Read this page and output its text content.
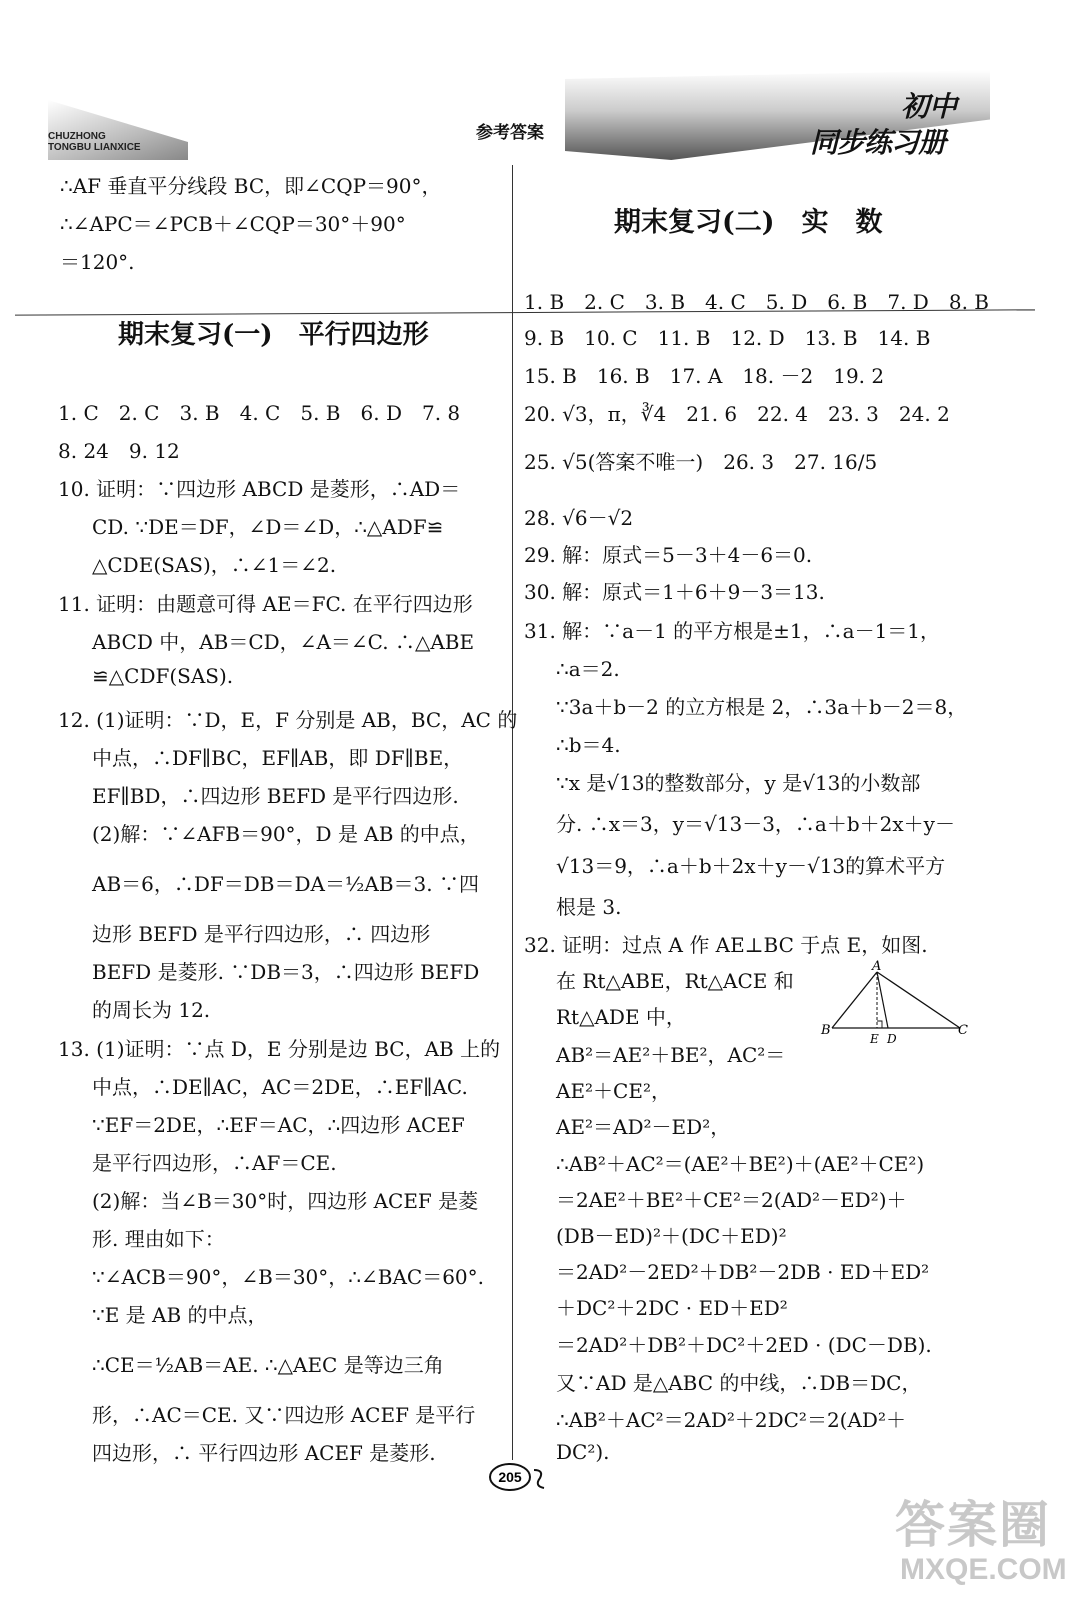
CHUZHONG
TONGBU LIANXICE
参考答案
初中
同步练习册
∴AF 垂直平分线段 BC，即∠CQP＝90°，
∴∠APC＝∠PCB＋∠CQP＝30°＋90°
＝120°.
期末复习(一)　平行四边形
1. C　2. C　3. B　4. C　5. B　6. D　7. 8
8. 24　9. 12
10. 证明：∵四边形 ABCD 是菱形，∴AD＝
CD. ∵DE＝DF，∠D＝∠D，∴△ADF≌
△CDE(SAS)，∴∠1＝∠2.
11. 证明：由题意可得 AE＝FC. 在平行四边形
ABCD 中，AB＝CD，∠A＝∠C. ∴△ABE
≌△CDF(SAS).
12. (1)证明：∵D，E，F 分别是 AB，BC，AC 的
中点，∴DF∥BC，EF∥AB，即 DF∥BE，
EF∥BD，∴四边形 BEFD 是平行四边形.
(2)解：∵∠AFB＝90°，D 是 AB 的中点，
AB＝6，∴DF＝DB＝DA＝½AB＝3. ∵四
边形 BEFD 是平行四边形，∴ 四边形
BEFD 是菱形. ∵DB＝3，∴四边形 BEFD
的周长为 12.
13. (1)证明：∵点 D，E 分别是边 BC，AB 上的
中点，∴DE∥AC，AC＝2DE，∴EF∥AC.
∵EF＝2DE，∴EF＝AC，∴四边形 ACEF
是平行四边形，∴AF＝CE.
(2)解：当∠B＝30°时，四边形 ACEF 是菱
形. 理由如下：
∵∠ACB＝90°，∠B＝30°，∴∠BAC＝60°.
∵E 是 AB 的中点，
∴CE＝½AB＝AE. ∴△AEC 是等边三角
形，∴AC＝CE. 又∵四边形 ACEF 是平行
四边形，∴ 平行四边形 ACEF 是菱形.
期末复习(二)　实　数
1. B　2. C　3. B　4. C　5. D　6. B　7. D　8. B
9. B　10. C　11. B　12. D　13. B　14. B
15. B　16. B　17. A　18. －2　19. 2
20. √3，π，∛4　21. 6　22. 4　23. 3　24. 2
25. √5(答案不唯一)　26. 3　27. 16/5
28. √6－√2
29. 解：原式＝5－3＋4－6＝0.
30. 解：原式＝1＋6＋9－3＝13.
31. 解：∵a－1 的平方根是±1，∴a－1＝1，
∴a＝2.
∵3a＋b－2 的立方根是 2，∴3a＋b－2＝8，
∴b＝4.
∵x 是√13的整数部分，y 是√13的小数部
分. ∴x＝3，y＝√13－3，∴a＋b＋2x＋y－
√13＝9，∴a＋b＋2x＋y－√13的算术平方
根是 3.
32. 证明：过点 A 作 AE⊥BC 于点 E，如图.
在 Rt△ABE，Rt△ACE 和
Rt△ADE 中，
AB²＝AE²＋BE²，AC²＝
AE²＋CE²，
AE²＝AD²－ED²，
∴AB²＋AC²＝(AE²＋BE²)＋(AE²＋CE²)
＝2AE²＋BE²＋CE²＝2(AD²－ED²)＋
(DB－ED)²＋(DC＋ED)²
＝2AD²－2ED²＋DB²－2DB · ED＋ED²
＋DC²＋2DC · ED＋ED²
＝2AD²＋DB²＋DC²＋2ED · (DC－DB).
又∵AD 是△ABC 的中线，∴DB＝DC，
∴AB²＋AC²＝2AD²＋2DC²＝2(AD²＋
DC²).
A
B	C
E D
205
答案圈
MXQE.COM
